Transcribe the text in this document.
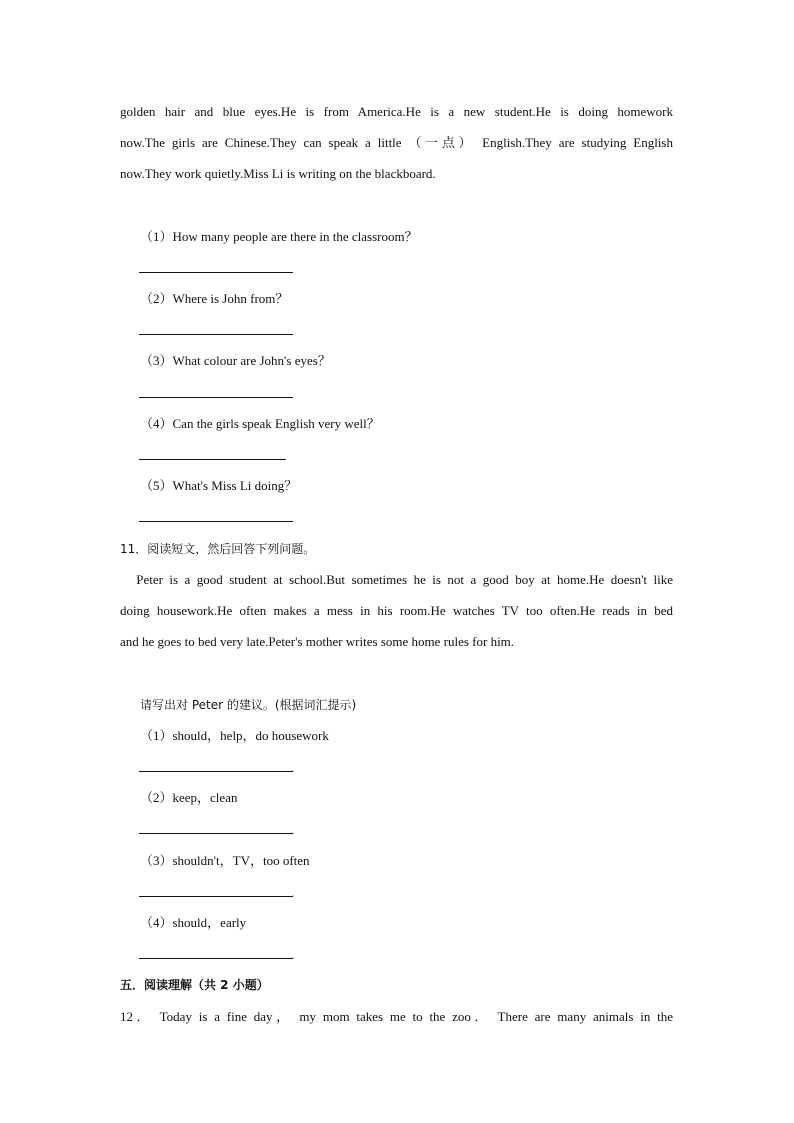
golden hair and blue eyes.He is from America.He is a new student.He is doing homework
now.The girls are Chinese.They can speak a little （一点） English.They are studying English
now.They work quietly.Miss Li is writing on the blackboard.
（1）How many people are there in the classroom？
（2）Where is John from？
（3）What colour are John's eyes？
（4）Can the girls speak English very well？
（5）What's Miss Li doing？
11．阅读短文，然后回答下列问题。
　Peter is a good student at school.But sometimes he is not a good boy at home.He doesn't like
doing housework.He often makes a mess in his room.He watches TV too often.He reads in bed
and he goes to bed very late.Peter's mother writes some home rules for him.
请写出对 Peter 的建议。(根据词汇提示)
（1）should，help，do housework
.
（2）keep，clean
.
（3）shouldn't，TV，too often
.
（4）should，early
.
五．阅读理解（共 2 小题）
12． Today is a fine day， my mom takes me to the zoo． There are many animals in the
